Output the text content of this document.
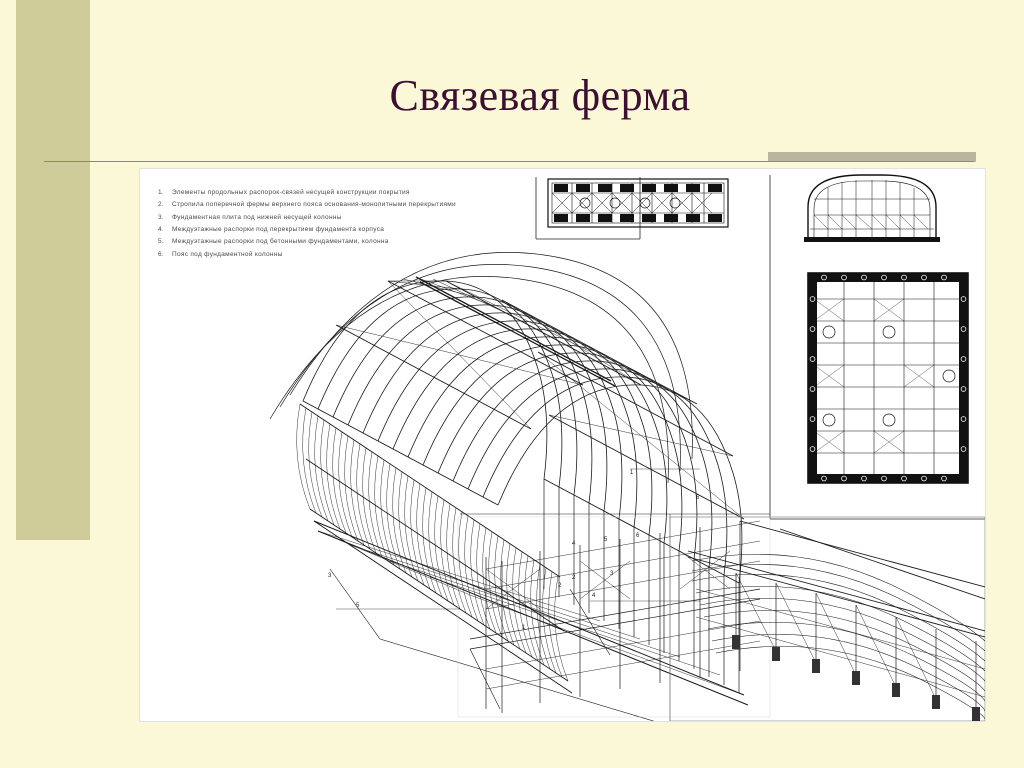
Связевая ферма
1. Элементы продольных распорок-связей несущей конструкции покрытия
2. Стропила поперечной фермы верхнего пояса основания-монолитными перекрытиями
3. Фундаментная плита под нижней несущей колонны
4. Междуэтажные распорки под перекрытием фундамента корпуса
5. Междуэтажные распорки под бетонными фундаментами, колонна
6. Пояс под фундаментной колонны
3
5
2
4
1
6
4
5
6
2
3
1
